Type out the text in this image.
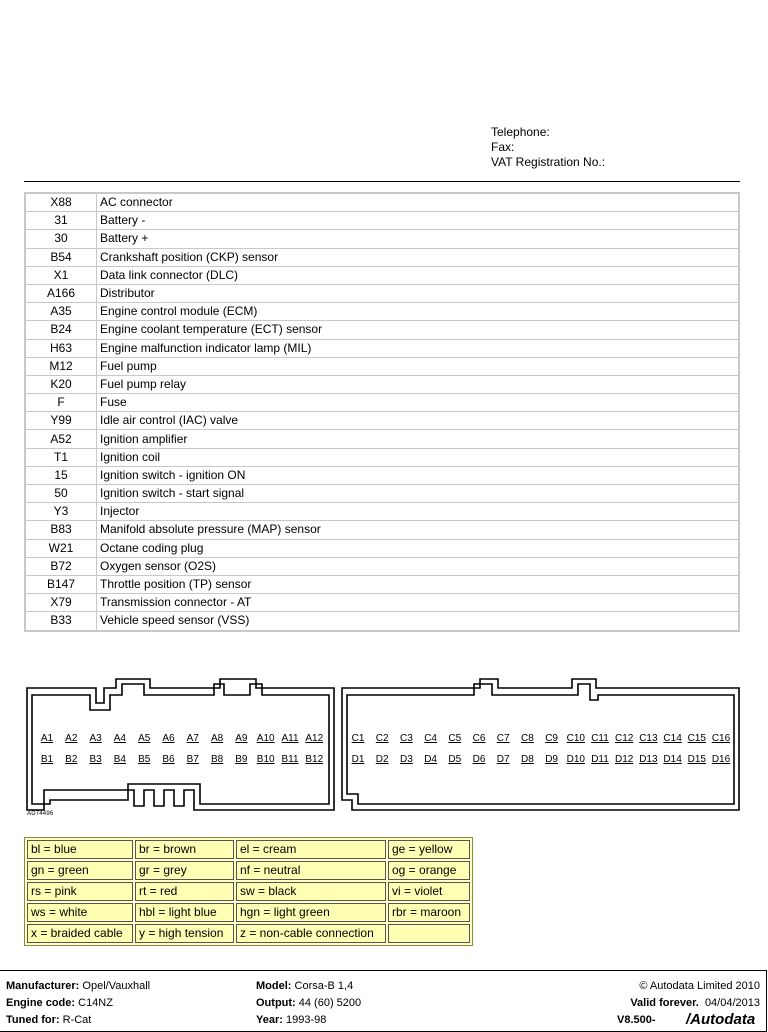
Telephone:
Fax:
VAT Registration No.:
X88	AC connector
31	Battery -
30	Battery +
B54	Crankshaft position (CKP) sensor
X1	Data link connector (DLC)
A166	Distributor
A35	Engine control module (ECM)
B24	Engine coolant temperature (ECT) sensor
H63	Engine malfunction indicator lamp (MIL)
M12	Fuel pump
K20	Fuel pump relay
F	Fuse
Y99	Idle air control (IAC) valve
A52	Ignition amplifier
T1	Ignition coil
15	Ignition switch - ignition ON
50	Ignition switch - start signal
Y3	Injector
B83	Manifold absolute pressure (MAP) sensor
W21	Octane coding plug
B72	Oxygen sensor (O2S)
B147	Throttle position (TP) sensor
X79	Transmission connector - AT
B33	Vehicle speed sensor (VSS)
A1	A2	A3	A4	A5	A6	A7	A8	A9 A10 A11 A12
B1	B2	B3	B4	B5	B6	B7	B8	B9 B10 B11 B12
C1	C2	C3	C4	C5	C6	C7	C8	C9 C10 C11 C12 C13 C14 C15 C16
D1	D2	D3	D4	D5	D6	D7	D8	D9 D10 D11 D12 D13 D14 D15 D16
AD74496
bl = blue	br = brown	el = cream	ge = yellow
gn = green	gr = grey	nf = neutral	og = orange
rs = pink	rt = red	sw = black	vi = violet
ws = white	hbl = light blue	hgn = light green	rbr = maroon
x = braided cable	y = high tension	z = non-cable connection	
Manufacturer: Opel/Vauxhall
Engine code: C14NZ
Tuned for: R-Cat
Model: Corsa-B 1,4
Output: 44 (60) 5200
Year: 1993-98
© Autodata Limited 2010
Valid forever. 04/04/2013
V8.500- /Autodata
